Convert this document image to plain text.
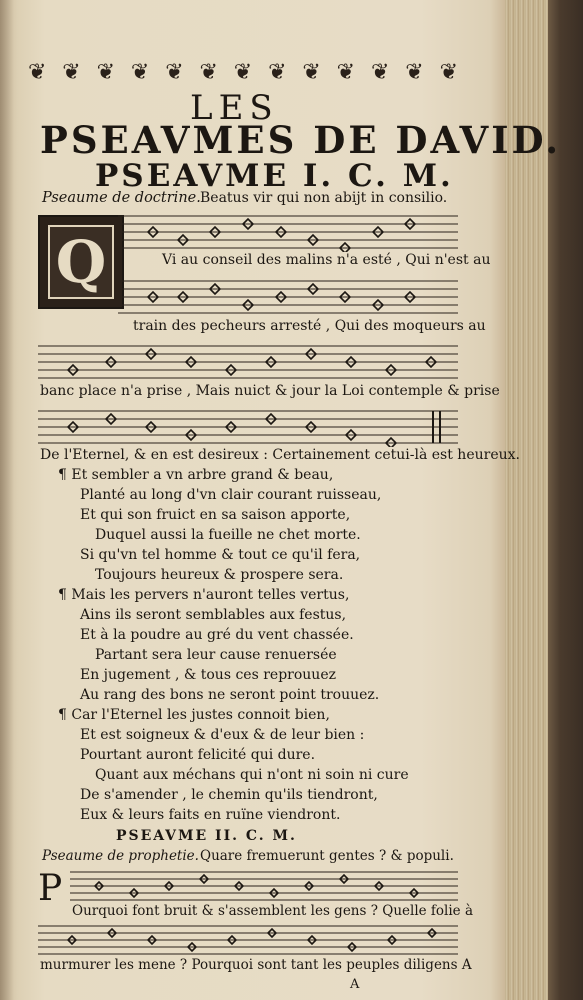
❦ ❦ ❦ ❦ ❦ ❦ ❦ ❦ ❦ ❦ ❦ ❦ ❦
LES
PSEAVMES DE DAVID.
PSEAVME I. C. M.
Pseaume de doctrine. Beatus vir qui non abijt in consilio.
Q	Vi au conseil des malins n'a esté , Qui n'est au
train des pecheurs arresté , Qui des moqueurs au
banc place n'a prise , Mais nuict & jour la Loi contemple & prise
De l'Eternel, & en est desireux : Certainement cetui-là est heureux.
¶ Et sembler a vn arbre grand & beau,
Planté au long d'vn clair courant ruisseau,
Et qui son fruict en sa saison apporte,
Duquel aussi la fueille ne chet morte.
Si qu'vn tel homme & tout ce qu'il fera,
Toujours heureux & prospere sera.
¶ Mais les pervers n'auront telles vertus,
Ains ils seront semblables aux festus,
Et à la poudre au gré du vent chassée.
Partant sera leur cause renuersée
En jugement , & tous ces reprouuez
Au rang des bons ne seront point trouuez.
¶ Car l'Eternel les justes connoit bien,
Et est soigneux & d'eux & de leur bien :
Pourtant auront felicité qui dure.
Quant aux méchans qui n'ont ni soin ni cure
De s'amender , le chemin qu'ils tiendront,
Eux & leurs faits en ruïne viendront.
PSEAVME II. C. M.
Pseaume de prophetie. Quare fremuerunt gentes ? & populi.
P
Ourquoi font bruit & s'assemblent les gens ? Quelle folie à
murmurer les mene ? Pourquoi sont tant les peuples diligens A
A
